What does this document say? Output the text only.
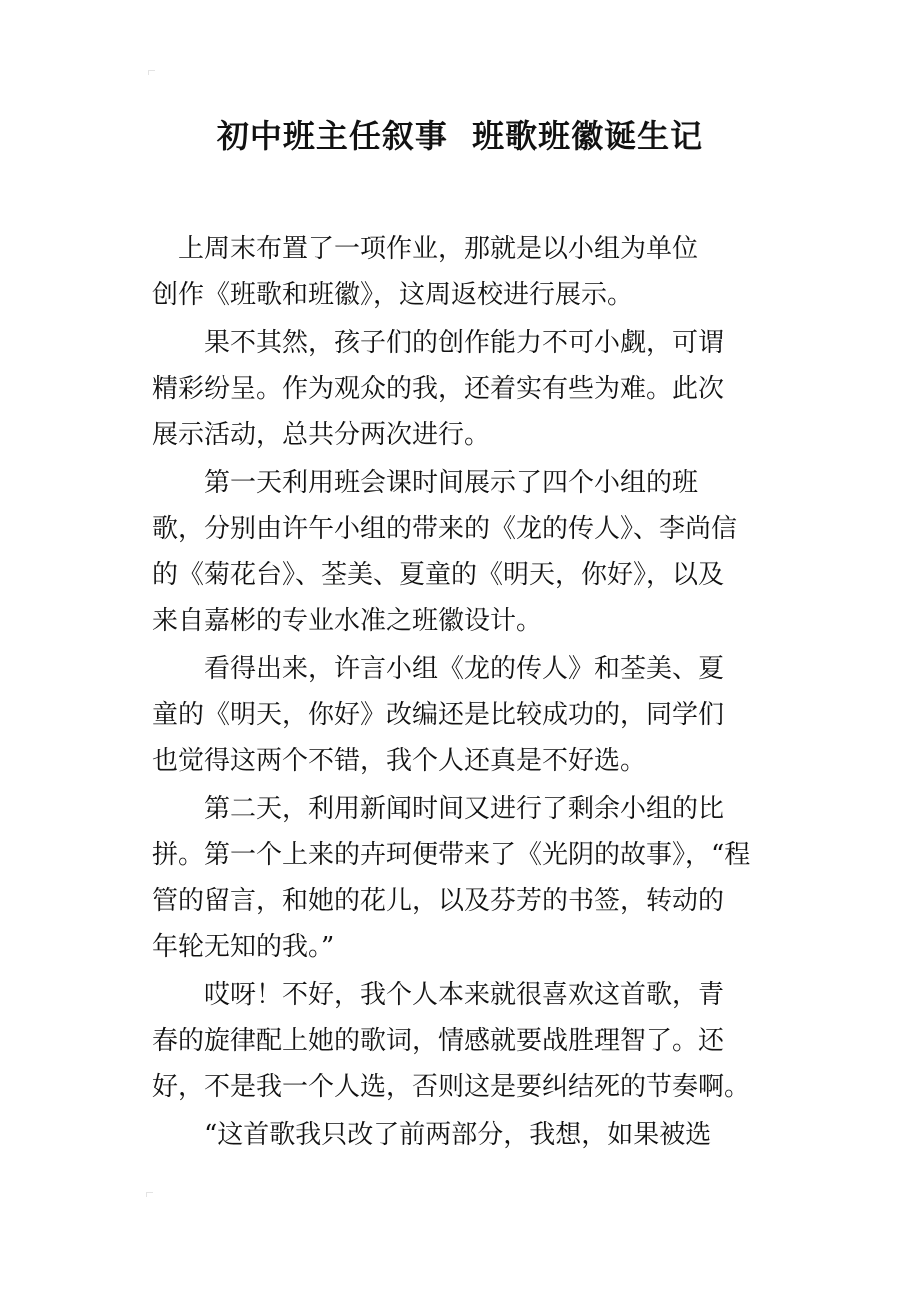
初中班主任叙事  班歌班徽诞生记

　上周末布置了一项作业，那就是以小组为单位

创作《班歌和班徽》，这周返校进行展示。

　　果不其然，孩子们的创作能力不可小觑，可谓

精彩纷呈。作为观众的我，还着实有些为难。此次

展示活动，总共分两次进行。

　　第一天利用班会课时间展示了四个小组的班

歌，分别由许午小组的带来的《龙的传人》、李尚信

的《菊花台》、荃美、夏童的《明天，你好》，以及

来自嘉彬的专业水准之班徽设计。

　　看得出来，许言小组《龙的传人》和荃美、夏

童的《明天，你好》改编还是比较成功的，同学们

也觉得这两个不错，我个人还真是不好选。

　　第二天，利用新闻时间又进行了剩余小组的比

拼。第一个上来的卉珂便带来了《光阴的故事》，“程

管的留言，和她的花儿，以及芬芳的书签，转动的

年轮无知的我。”

　　哎呀！不好，我个人本来就很喜欢这首歌，青

春的旋律配上她的歌词，情感就要战胜理智了。还

好，不是我一个人选，否则这是要纠结死的节奏啊。

　　“这首歌我只改了前两部分，我想，如果被选
